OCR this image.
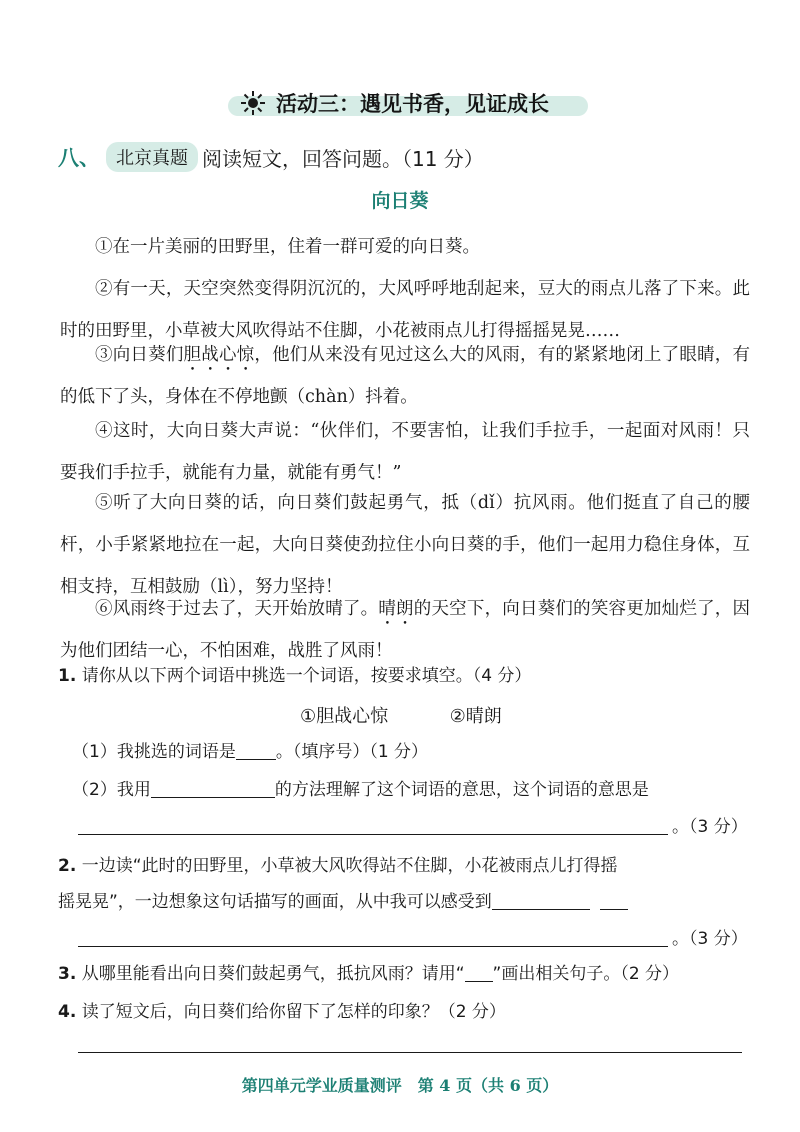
活动三：遇见书香，见证成长
八、 北京真题 阅读短文，回答问题。（11 分）
向日葵
①在一片美丽的田野里，住着一群可爱的向日葵。
②有一天，天空突然变得阴沉沉的，大风呼呼地刮起来，豆大的雨点儿落了下来。此时的田野里，小草被大风吹得站不住脚，小花被雨点儿打得摇摇晃晃……
③向日葵们胆战心惊，他们从来没有见过这么大的风雨，有的紧紧地闭上了眼睛，有的低下了头，身体在不停地颤（chàn）抖着。
④这时，大向日葵大声说：“伙伴们，不要害怕，让我们手拉手，一起面对风雨！只要我们手拉手，就能有力量，就能有勇气！”
⑤听了大向日葵的话，向日葵们鼓起勇气，抵（dǐ）抗风雨。他们挺直了自己的腰杆，小手紧紧地拉在一起，大向日葵使劲拉住小向日葵的手，他们一起用力稳住身体，互相支持，互相鼓励（lì），努力坚持！
⑥风雨终于过去了，天开始放晴了。晴朗的天空下，向日葵们的笑容更加灿烂了，因为他们团结一心，不怕困难，战胜了风雨！
1. 请你从以下两个词语中挑选一个词语，按要求填空。（4 分）
①胆战心惊	②晴朗
（1）我挑选的词语是 。（填序号）（1 分）
（2）我用	的方法理解了这个词语的意思，这个词语的意思是
。（3 分）
2. 一边读“此时的田野里，小草被大风吹得站不住脚，小花被雨点儿打得摇
摇晃晃”，一边想象这句话描写的画面，从中我可以感受到
。（3 分）
3. 从哪里能看出向日葵们鼓起勇气，抵抗风雨？请用“ ”画出相关句子。（2 分）
4. 读了短文后，向日葵们给你留下了怎样的印象？（2 分）
第四单元学业质量测评　第 4 页（共 6 页）
